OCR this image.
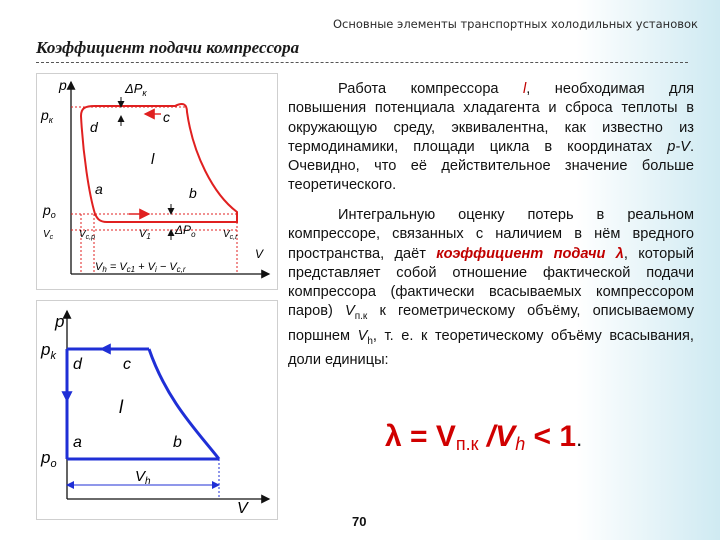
Основные элементы транспортных холодильных установок
Коэффициент подачи компрессора
p
$p_к$
$p_o$
$\Delta P_к$
$\Delta P_o$
d
c
a	b
l
$V_c$	$V_{c,p}$	V1	$V_{c,r}$
V
Vh = Vc1 + Vi − Vc,r
p
$p_k$
$p_o$
d	c
a	b
l
$V_h$
V
Работа компрессора l, необходимая для повышения потенциала хладагента и сброса теплоты в окружающую среду, эквивалентна, как известно из термодинамики, площади цикла в координатах p-V. Очевидно, что её действительное значение больше теоретического.
Интегральную оценку потерь в реальном компрессоре, связанных с наличием в нём вредного пространства, даёт коэффициент подачи λ, который представляет собой отношение фактической подачи компрессора (фактически всасываемых компрессором паров) $V_{п.к}$ к геометрическому объёму, описываемому поршнем $V_h$, т. е. к теоретическому объёму всасывания, доли единицы:
$\lambda = V_{п.к}$ $/V_h < 1$.
70
